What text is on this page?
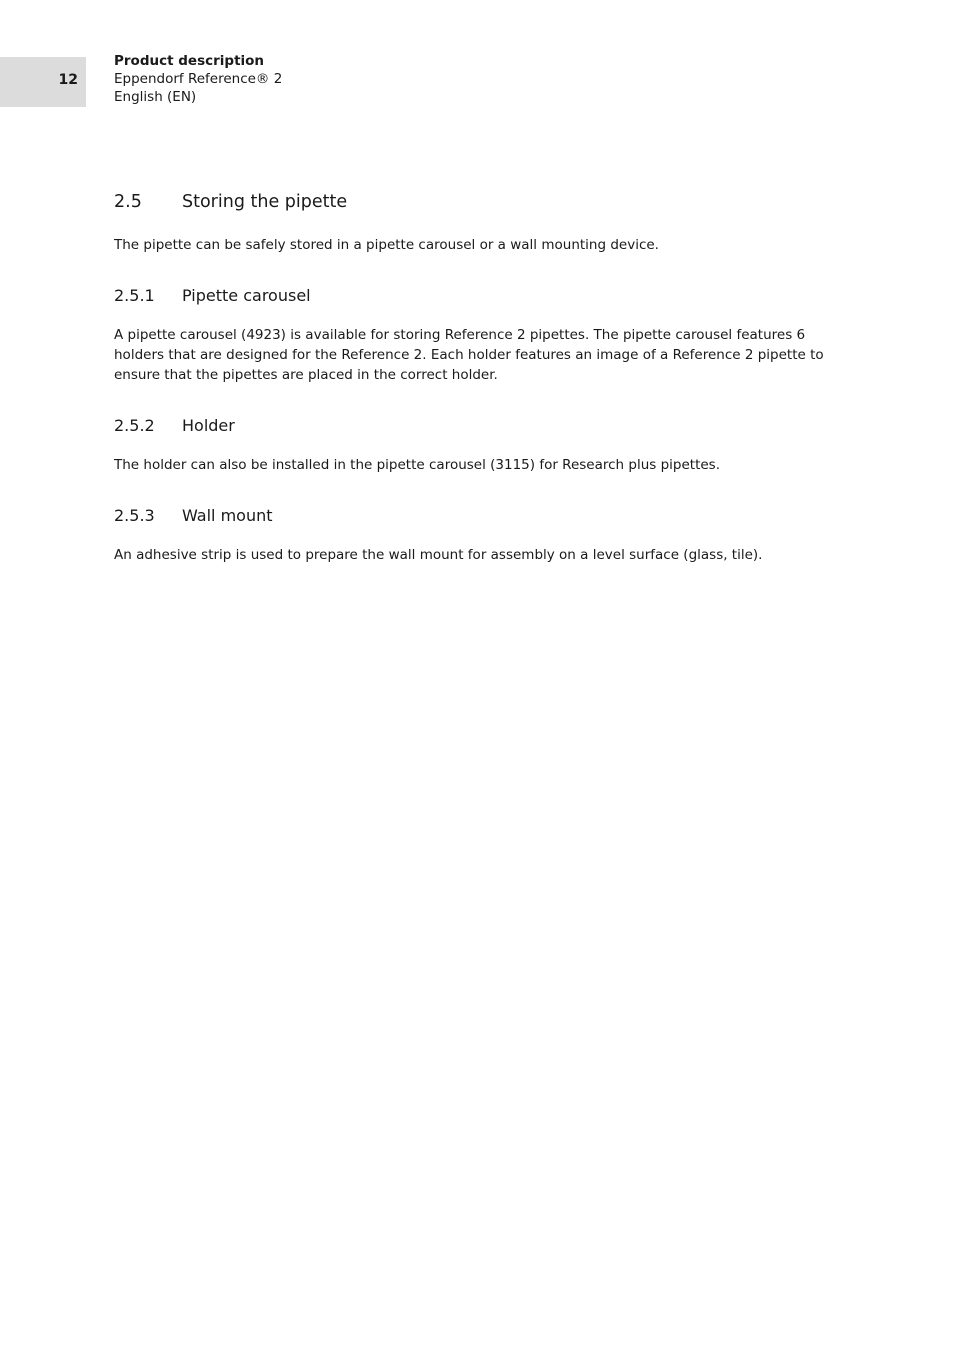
12
Product description
Eppendorf Reference® 2
English (EN)
2.5 Storing the pipette

The pipette can be safely stored in a pipette carousel or a wall mounting device.

2.5.1 Pipette carousel

A pipette carousel (4923) is available for storing Reference 2 pipettes. The pipette carousel features 6 holders that are designed for the Reference 2. Each holder features an image of a Reference 2 pipette to ensure that the pipettes are placed in the correct holder.

2.5.2 Holder

The holder can also be installed in the pipette carousel (3115) for Research plus pipettes.

2.5.3 Wall mount

An adhesive strip is used to prepare the wall mount for assembly on a level surface (glass, tile).
